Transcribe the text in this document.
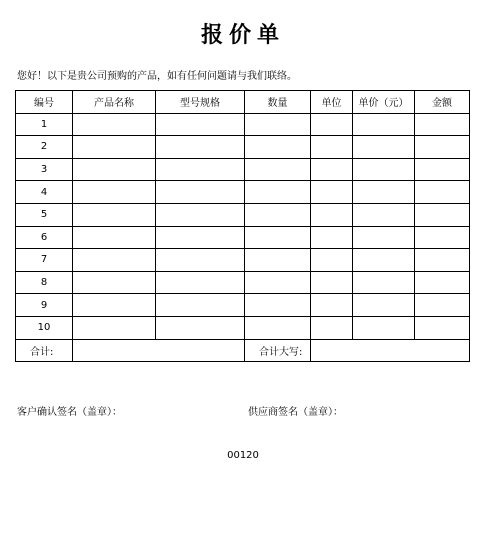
报价单
您好！以下是贵公司预购的产品，如有任何问题请与我们联络。
编号	产品名称	型号规格	数量	单位	单价（元）	金额
1						
2						
3						
4						
5						
6						
7						
8						
9						
10						
合计:			合计大写:			
客户确认签名（盖章）：	供应商签名（盖章）：
00120
